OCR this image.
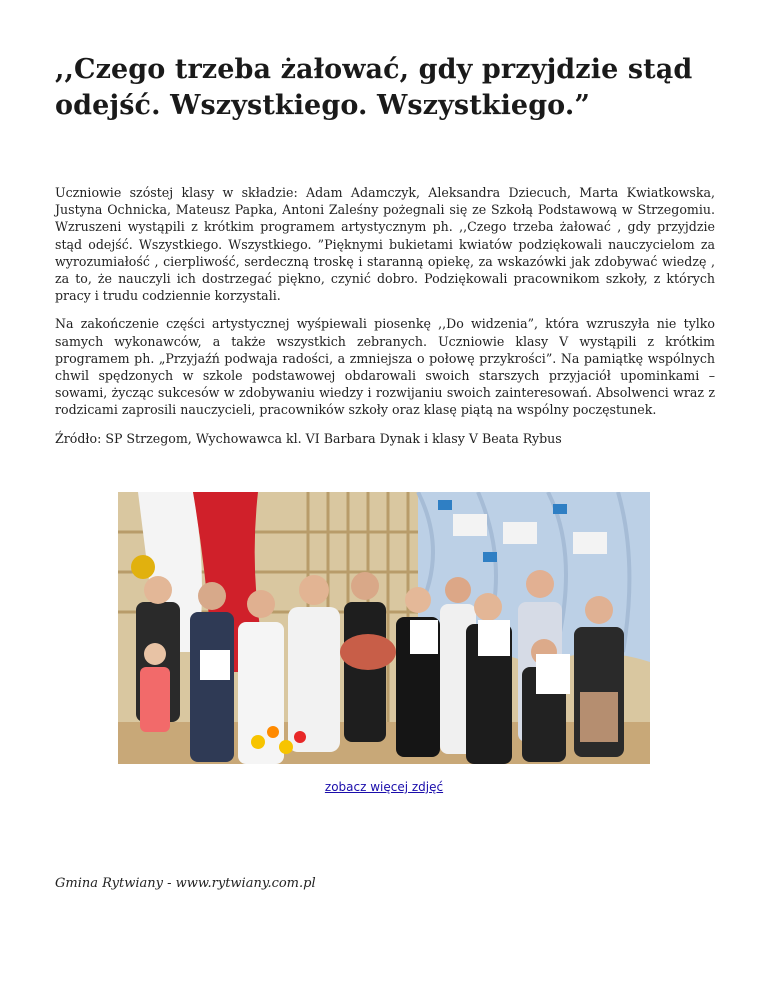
,,Czego trzeba żałować, gdy przyjdzie stąd odejść. Wszystkiego. Wszystkiego.”

Uczniowie szóstej klasy w składzie: Adam Adamczyk, Aleksandra Dziecuch, Marta Kwiatkowska, Justyna Ochnicka, Mateusz Papka, Antoni Zaleśny pożegnali się ze Szkołą Podstawową w Strzegomiu. Wzruszeni wystąpili z krótkim programem artystycznym ph. ,,Czego trzeba żałować , gdy przyjdzie stąd odejść. Wszystkiego. Wszystkiego. ”Pięknymi bukietami kwiatów podziękowali nauczycielom za wyrozumiałość , cierpliwość, serdeczną troskę i staranną opiekę, za wskazówki jak zdobywać wiedzę , za to, że nauczyli ich dostrzegać piękno, czynić dobro. Podziękowali pracownikom szkoły, z których pracy i trudu codziennie korzystali.

Na zakończenie części artystycznej wyśpiewali piosenkę ,,Do widzenia”, która wzruszyła nie tylko samych wykonawców, a także wszystkich zebranych. Uczniowie klasy V wystąpili z krótkim programem ph. „Przyjaźń podwaja radości, a zmniejsza o połowę przykrości”. Na pamiątkę wspólnych chwil spędzonych w szkole podstawowej obdarowali swoich starszych przyjaciół upominkami – sowami, życząc sukcesów w zdobywaniu wiedzy i rozwijaniu swoich zainteresowań. Absolwenci wraz z rodzicami zaprosili nauczycieli, pracowników szkoły oraz klasę piątą na wspólny poczęstunek.

Źródło: SP Strzegom, Wychowawca kl. VI Barbara Dynak i klasy V Beata Rybus

zobacz więcej zdjęć
Gmina Rytwiany - www.rytwiany.com.pl
